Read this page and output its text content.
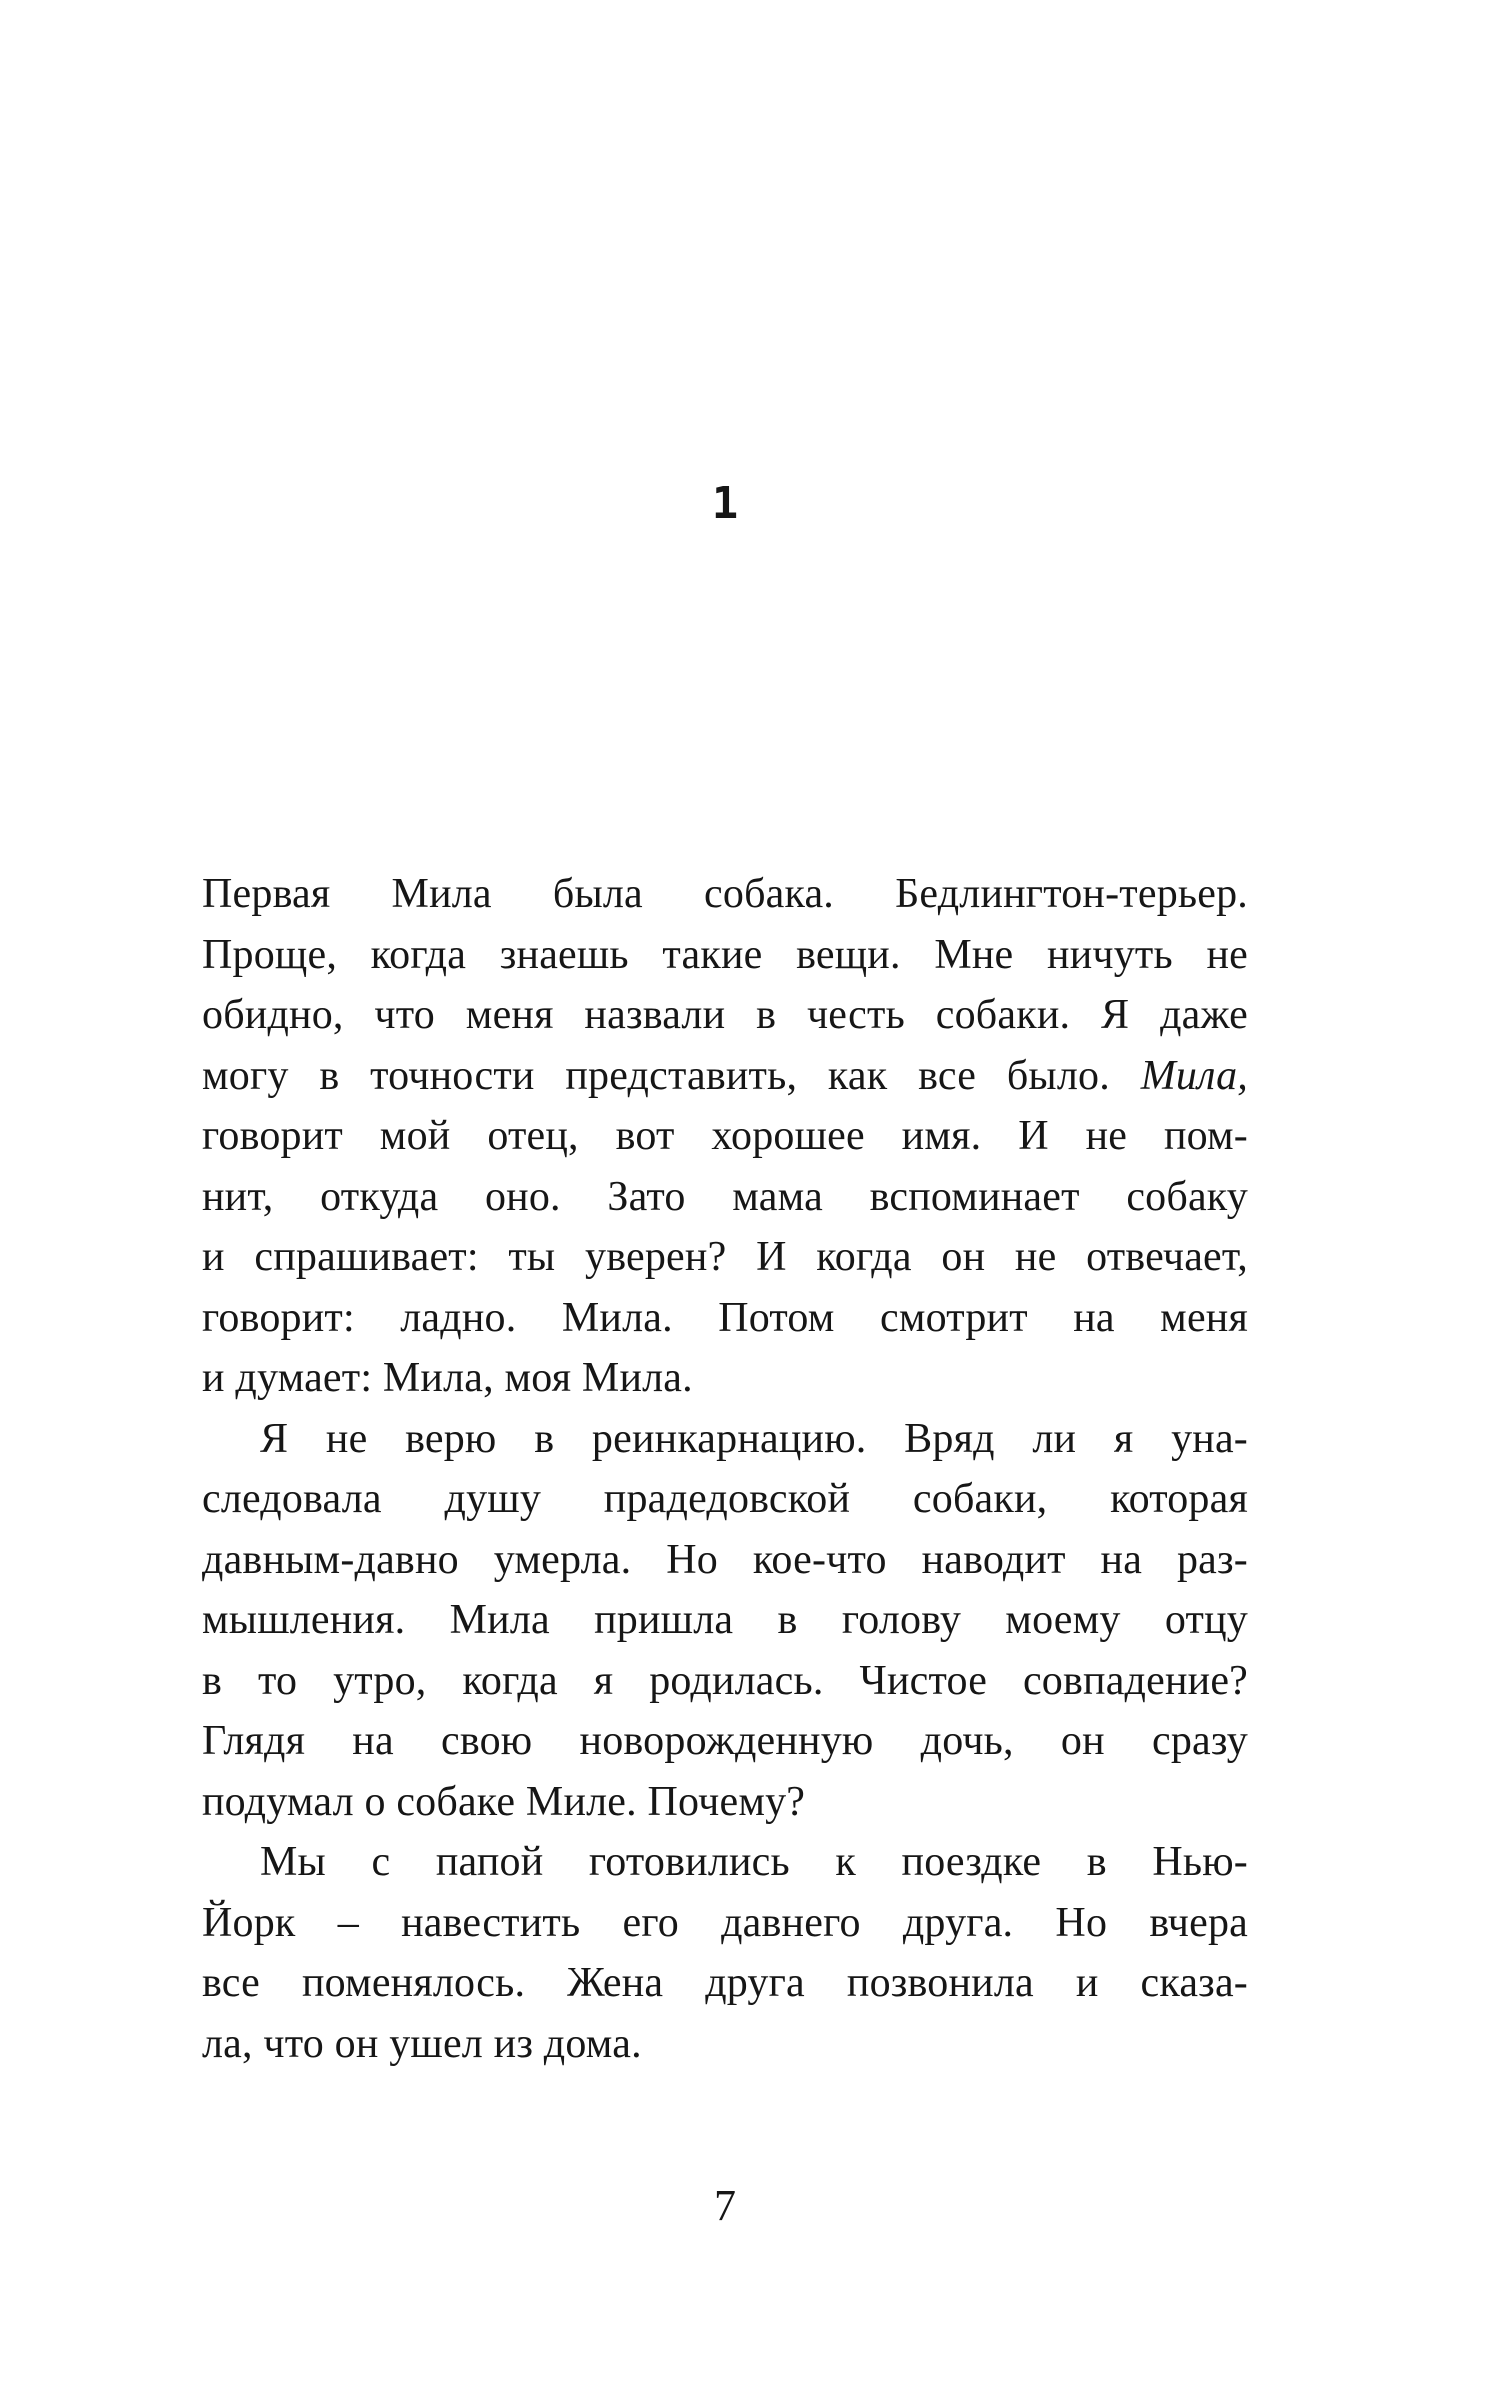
1
Первая Мила была собака. Бедлингтон-терьер.
Проще, когда знаешь такие вещи. Мне ничуть не
обидно, что меня назвали в честь собаки. Я даже
могу в точности представить, как все было. Мила,
говорит мой отец, вот хорошее имя. И не пом-
нит, откуда оно. Зато мама вспоминает собаку
и спрашивает: ты уверен? И когда он не отвечает,
говорит: ладно. Мила. Потом смотрит на меня
и думает: Мила, моя Мила.
Я не верю в реинкарнацию. Вряд ли я уна-
следовала душу прадедовской собаки, которая
давным-давно умерла. Но кое-что наводит на раз-
мышления. Мила пришла в голову моему отцу
в то утро, когда я родилась. Чистое совпадение?
Глядя на свою новорожденную дочь, он сразу
подумал о собаке Миле. Почему?
Мы с папой готовились к поездке в Нью-
Йорк – навестить его давнего друга. Но вчера
все поменялось. Жена друга позвонила и сказа-
ла, что он ушел из дома.
7
